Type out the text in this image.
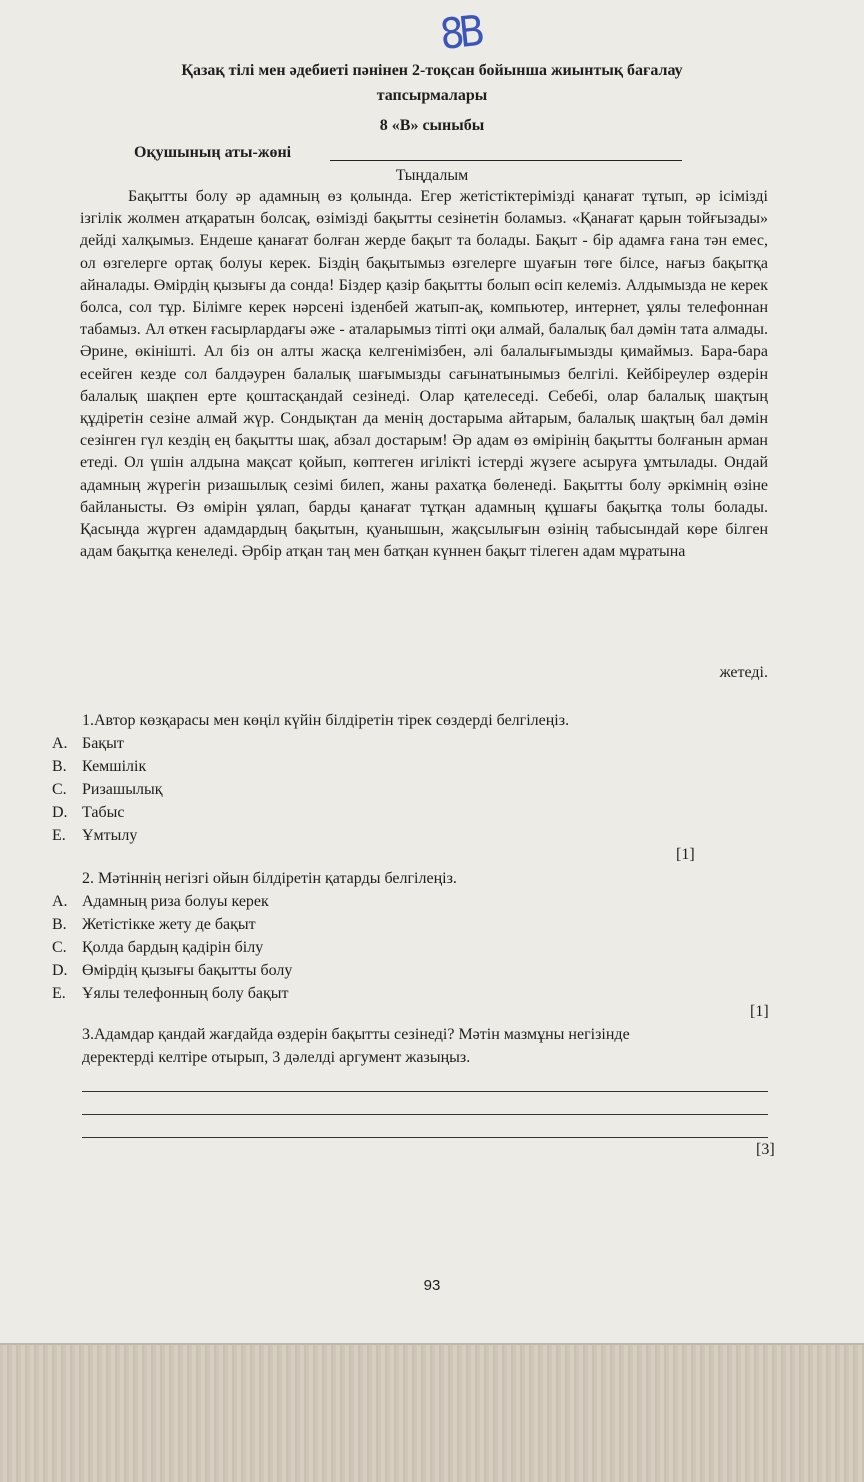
8В
Қазақ тілі мен әдебиеті пәнінен 2-тоқсан бойынша жиынтық бағалау
тапсырмалары
8 «В» сыныбы
Оқушының аты-жөні
Тыңдалым
Бақытты болу әр адамның өз қолында. Егер жетістіктерімізді қанағат тұтып, әр ісімізді ізгілік жолмен атқаратын болсақ, өзімізді бақытты сезінетін боламыз. «Қанағат қарын тойғызады» дейді халқымыз. Ендеше қанағат болған жерде бақыт та болады. Бақыт - бір адамға ғана тән емес, ол өзгелерге ортақ болуы керек. Біздің бақытымыз өзгелерге шуағын төге білсе, нағыз бақытқа айналады. Өмірдің қызығы да сонда! Біздер қазір бақытты болып өсіп келеміз. Алдымызда не керек болса, сол тұр. Білімге керек нәрсені ізденбей жатып-ақ, компьютер, интернет, ұялы телефоннан табамыз. Ал өткен ғасырлардағы әже - аталарымыз тіпті оқи алмай, балалық бал дәмін тата алмады. Әрине, өкінішті. Ал біз он алты жасқа келгенімізбен, әлі балалығымызды қимаймыз. Бара-бара есейген кезде сол балдәурен балалық шағымызды сағынатынымыз белгілі. Кейбіреулер өздерін балалық шақпен ерте қоштасқандай сезінеді. Олар қателеседі. Себебі, олар балалық шақтың құдіретін сезіне алмай жүр. Сондықтан да менің достарыма айтарым, балалық шақтың бал дәмін сезінген гүл кездің ең бақытты шақ, абзал достарым! Әр адам өз өмірінің бақытты болғанын арман етеді. Ол үшін алдына мақсат қойып, көптеген игілікті істерді жүзеге асыруға ұмтылады. Ондай адамның жүрегін ризашылық сезімі билеп, жаны рахатқа бөленеді. Бақытты болу әркімнің өзіне байланысты. Өз өмірін ұялап, барды қанағат тұтқан адамның құшағы бақытқа толы болады. Қасыңда жүрген адамдардың бақытын, қуанышын, жақсылығын өзінің табысындай көре білген адам бақытқа кенеледі. Әрбір атқан таң мен батқан күннен бақыт тілеген адам мұратына
жетеді.
1.Автор көзқарасы мен көңіл күйін білдіретін тірек сөздерді белгілеңіз.
A. Бақыт
B. Кемшілік
C. Ризашылық
D. Табыс
E. Ұмтылу
[1]
2. Мәтіннің негізгі ойын білдіретін қатарды белгілеңіз.
A. Адамның риза болуы керек
B. Жетістікке жету де бақыт
C. Қолда бардың қадірін білу
D. Өмірдің қызығы бақытты болу
E. Ұялы телефонның болу бақыт
[1]
3.Адамдар қандай жағдайда өздерін бақытты сезінеді? Мәтін мазмұны негізінде
деректерді келтіре отырып, 3 дәлелді аргумент жазыңыз.
[3]
93
